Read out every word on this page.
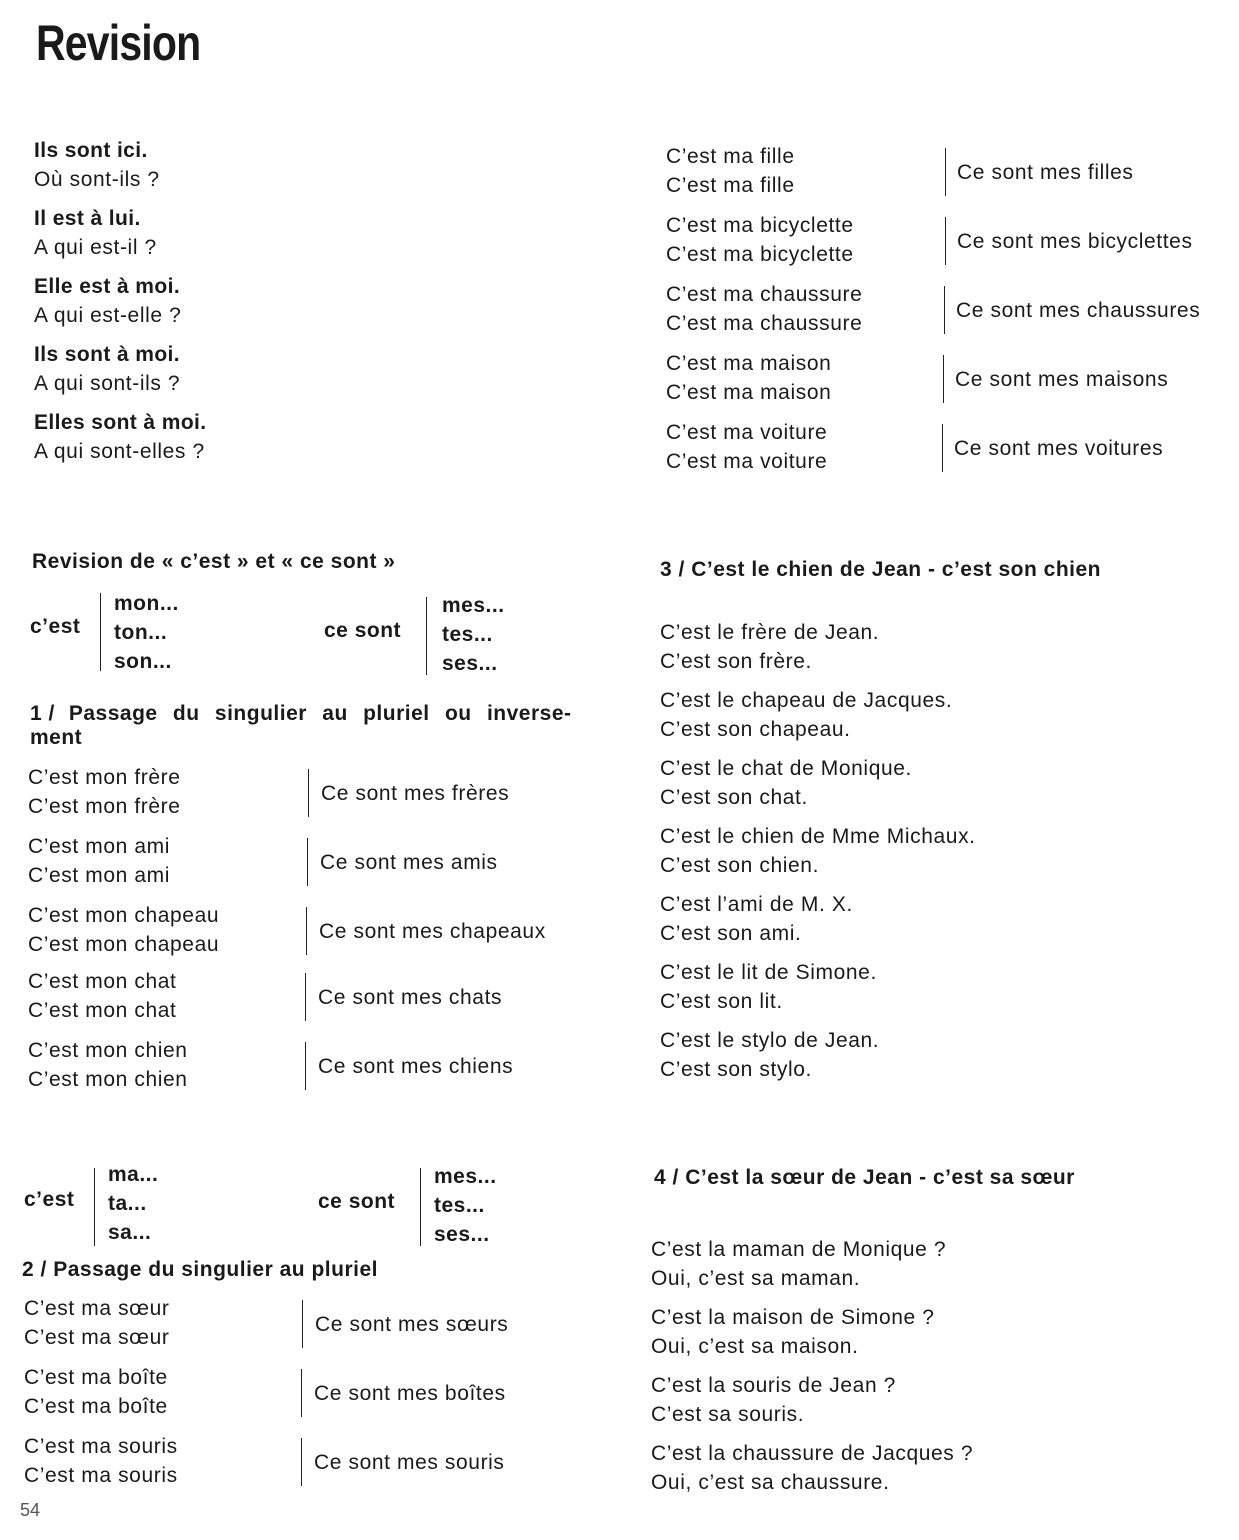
Revision
Ils sont ici.
Où sont-ils ?
Il est à lui.
A qui est-il ?
Elle est à moi.
A qui est-elle ?
Ils sont à moi.
A qui sont-ils ?
Elles sont à moi.
A qui sont-elles ?
C’est ma fille
C’est ma fille
Ce sont mes filles
C’est ma bicyclette
C’est ma bicyclette
Ce sont mes bicyclettes
C’est ma chaussure
C’est ma chaussure
Ce sont mes chaussures
C’est ma maison
C’est ma maison
Ce sont mes maisons
C’est ma voiture
C’est ma voiture
Ce sont mes voitures
Revision de « c’est » et « ce sont »
c’est
mon...
ton...
son...
ce sont
mes...
tes...
ses...
1 / Passage du singulier au pluriel ou inverse-
ment
C’est mon frère
C’est mon frère
Ce sont mes frères
C’est mon ami
C’est mon ami
Ce sont mes amis
C’est mon chapeau
C’est mon chapeau
Ce sont mes chapeaux
C’est mon chat
C’est mon chat
Ce sont mes chats
C’est mon chien
C’est mon chien
Ce sont mes chiens
c’est
ma...
ta...
sa...
ce sont
mes...
tes...
ses...
2 / Passage du singulier au pluriel
C’est ma sœur
C’est ma sœur
Ce sont mes sœurs
C’est ma boîte
C’est ma boîte
Ce sont mes boîtes
C’est ma souris
C’est ma souris
Ce sont mes souris
3 / C’est le chien de Jean - c’est son chien
C’est le frère de Jean.
C’est son frère.
C’est le chapeau de Jacques.
C’est son chapeau.
C’est le chat de Monique.
C’est son chat.
C’est le chien de Mme Michaux.
C’est son chien.
C’est l’ami de M. X.
C’est son ami.
C’est le lit de Simone.
C’est son lit.
C’est le stylo de Jean.
C’est son stylo.
4 / C’est la sœur de Jean - c’est sa sœur
C’est la maman de Monique ?
Oui, c’est sa maman.
C’est la maison de Simone ?
Oui, c’est sa maison.
C’est la souris de Jean ?
C’est sa souris.
C’est la chaussure de Jacques ?
Oui, c’est sa chaussure.
54
